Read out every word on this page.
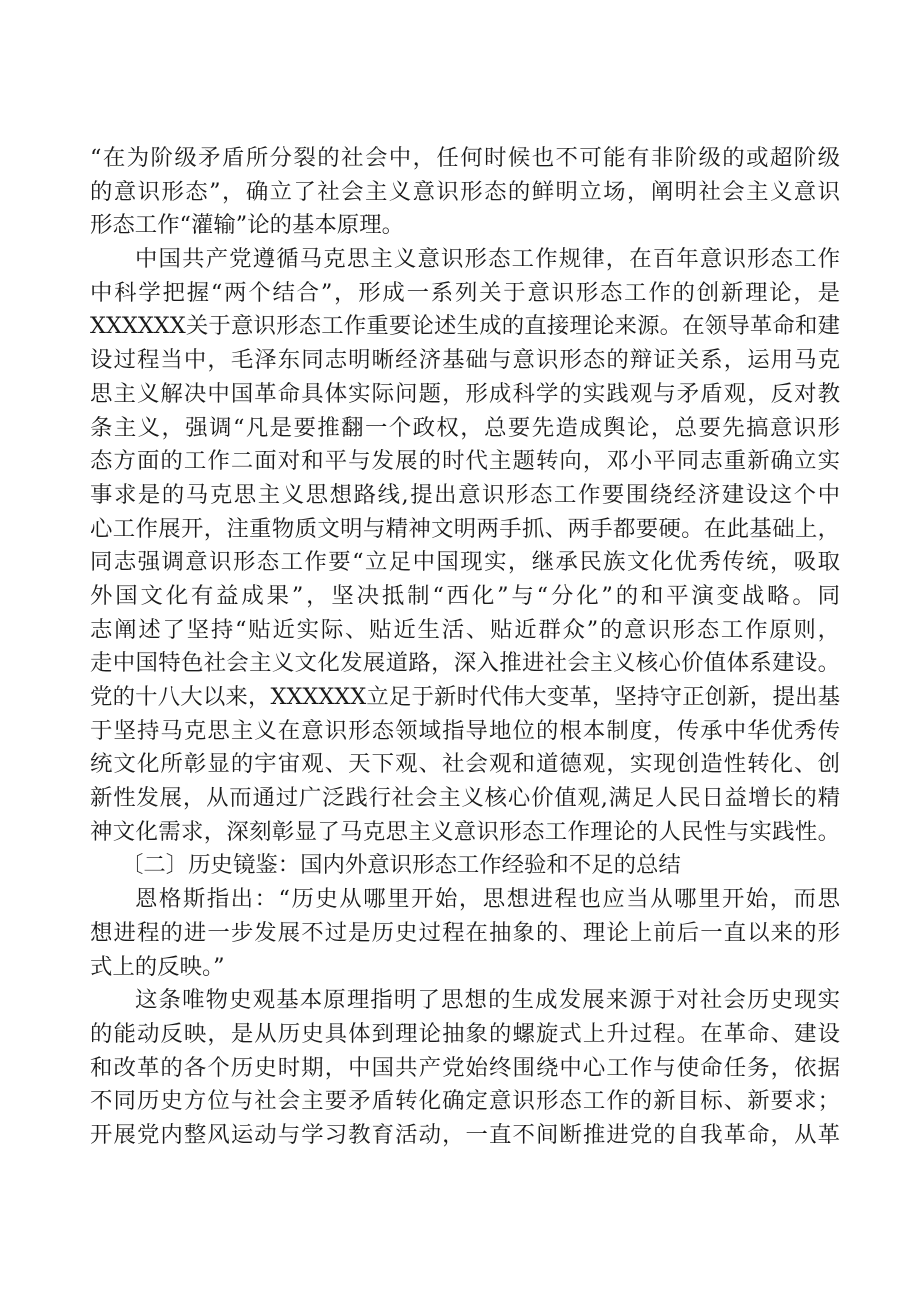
“在为阶级矛盾所分裂的社会中，任何时候也不可能有非阶级的或超阶级
的意识形态”，确立了社会主义意识形态的鲜明立场，阐明社会主义意识
形态工作“灌输”论的基本原理。
中国共产党遵循马克思主义意识形态工作规律，在百年意识形态工作
中科学把握“两个结合”，形成一系列关于意识形态工作的创新理论，是
XXXXXX关于意识形态工作重要论述生成的直接理论来源。在领导革命和建
设过程当中，毛泽东同志明晰经济基础与意识形态的辩证关系，运用马克
思主义解决中国革命具体实际问题，形成科学的实践观与矛盾观，反对教
条主义，强调“凡是要推翻一个政权，总要先造成舆论，总要先搞意识形
态方面的工作二面对和平与发展的时代主题转向，邓小平同志重新确立实
事求是的马克思主义思想路线,提出意识形态工作要围绕经济建设这个中
心工作展开，注重物质文明与精神文明两手抓、两手都要硬。在此基础上，
同志强调意识形态工作要“立足中国现实，继承民族文化优秀传统，吸取
外国文化有益成果”，坚决抵制“西化”与“分化”的和平演变战略。同
志阐述了坚持“贴近实际、贴近生活、贴近群众”的意识形态工作原则，
走中国特色社会主义文化发展道路，深入推进社会主义核心价值体系建设。
党的十八大以来，XXXXXX立足于新时代伟大变革，坚持守正创新，提出基
于坚持马克思主义在意识形态领域指导地位的根本制度，传承中华优秀传
统文化所彰显的宇宙观、天下观、社会观和道德观，实现创造性转化、创
新性发展，从而通过广泛践行社会主义核心价值观,满足人民日益增长的精
神文化需求，深刻彰显了马克思主义意识形态工作理论的人民性与实践性。
〔二〕历史镜鉴：国内外意识形态工作经验和不足的总结
恩格斯指出：“历史从哪里开始，思想进程也应当从哪里开始，而思
想进程的进一步发展不过是历史过程在抽象的、理论上前后一直以来的形
式上的反映。”
这条唯物史观基本原理指明了思想的生成发展来源于对社会历史现实
的能动反映，是从历史具体到理论抽象的螺旋式上升过程。在革命、建设
和改革的各个历史时期，中国共产党始终围绕中心工作与使命任务，依据
不同历史方位与社会主要矛盾转化确定意识形态工作的新目标、新要求；
开展党内整风运动与学习教育活动，一直不间断推进党的自我革命，从革
